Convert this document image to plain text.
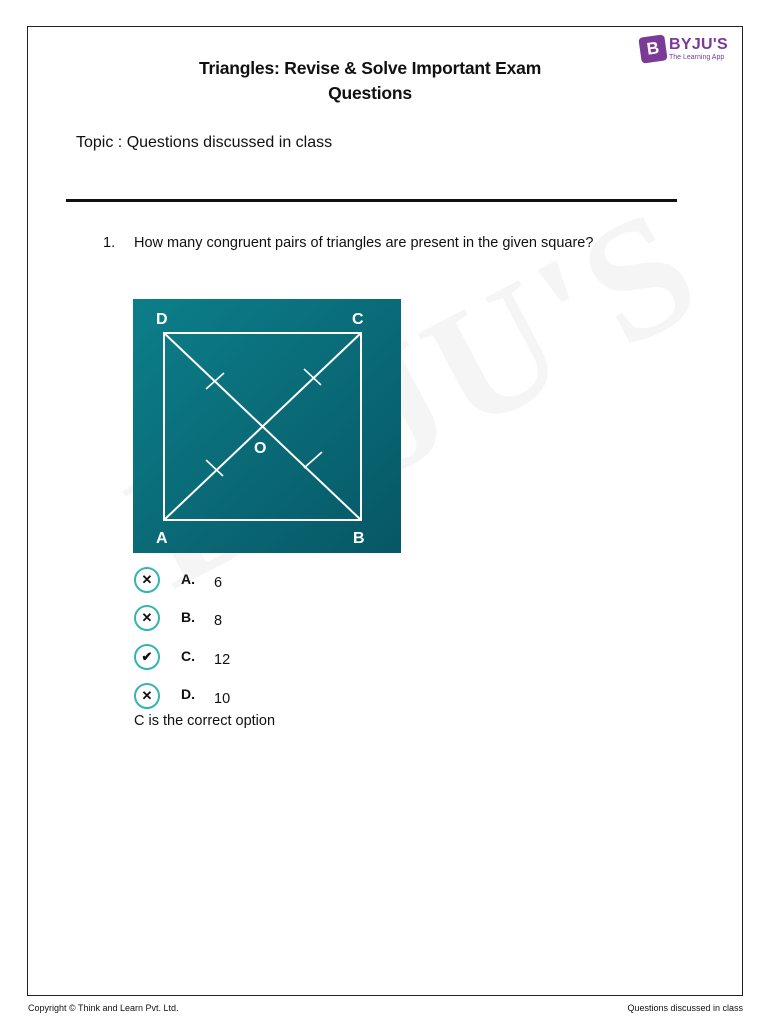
B BYJU'S
The Learning App
Triangles: Revise & Solve Important Exam
Questions
Topic : Questions discussed in class
1. How many congruent pairs of triangles are present in the given square?
D	C
A	B
O
✕	A. 6
✕	B. 8
✔	C. 12
✕	D. 10
C is the correct option
Copyright © Think and Learn Pvt. Ltd.	Questions discussed in class
